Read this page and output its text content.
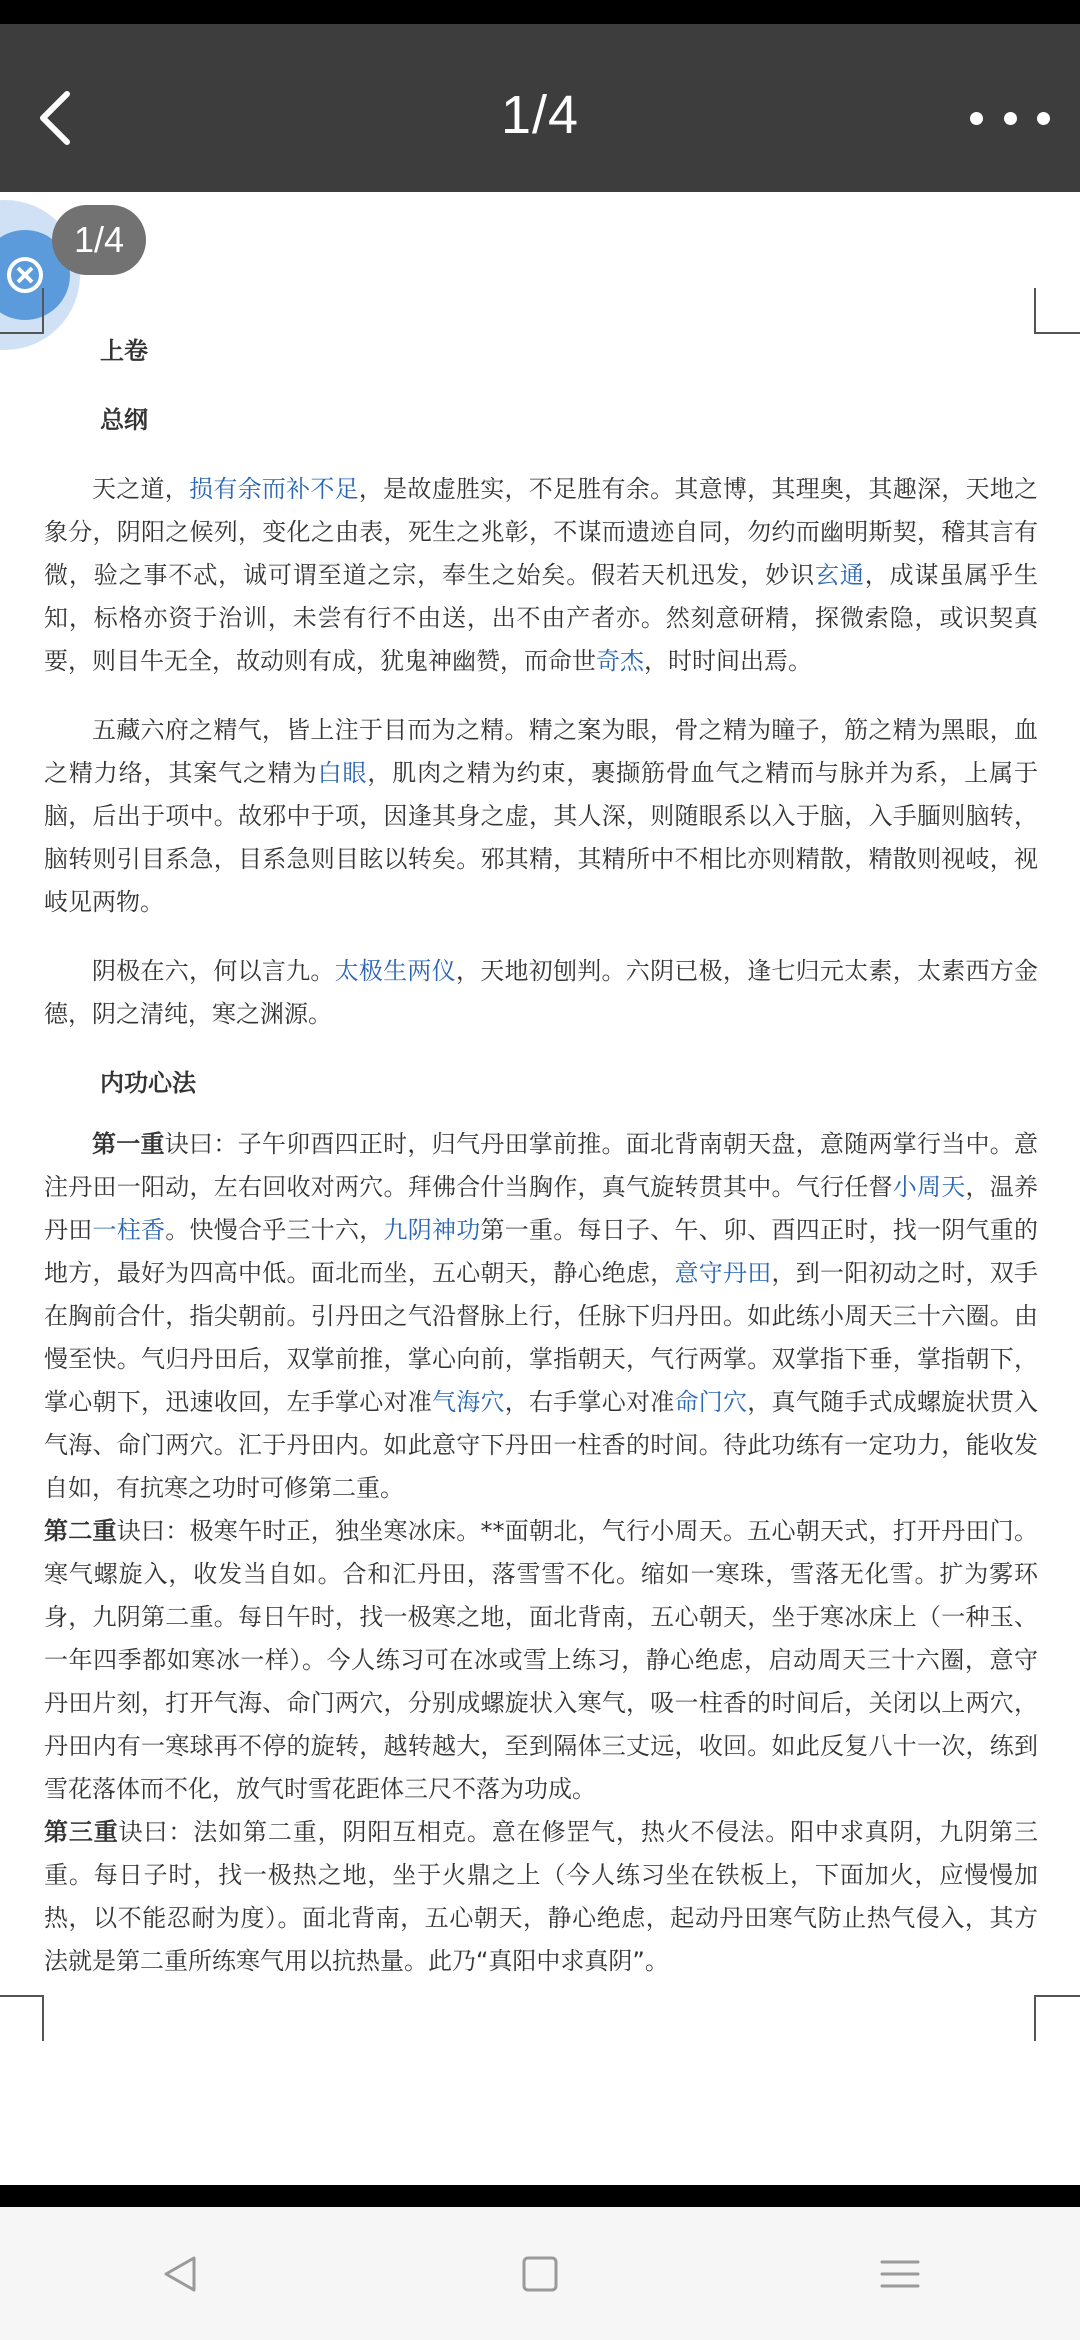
1/4
1/4
上卷
总纲

天之道，损有余而补不足，是故虚胜实，不足胜有余。其意博，其理奥，其趣深，天地之象分，阴阳之候列，变化之由表，死生之兆彰，不谋而遗迹自同，勿约而幽明斯契，稽其言有微，验之事不忒，诚可谓至道之宗，奉生之始矣。假若天机迅发，妙识玄通，成谋虽属乎生知，标格亦资于治训，未尝有行不由送，出不由产者亦。然刻意研精，探微索隐，或识契真要，则目牛无全，故动则有成，犹鬼神幽赞，而命世奇杰，时时间出焉。

五藏六府之精气，皆上注于目而为之精。精之案为眼，骨之精为瞳子，筋之精为黑眼，血之精力络，其案气之精为白眼，肌肉之精为约束，裹撷筋骨血气之精而与脉并为系，上属于脑，后出于项中。故邪中于项，因逢其身之虚，其人深，则随眼系以入于脑，入手腼则脑转，脑转则引目系急，目系急则目眩以转矣。邪其精，其精所中不相比亦则精散，精散则视岐，视岐见两物。

阴极在六，何以言九。太极生两仪，天地初刨判。六阴已极，逢七归元太素，太素西方金德，阴之清纯，寒之渊源。

内功心法

第一重诀曰：子午卯酉四正时，归气丹田掌前推。面北背南朝天盘，意随两掌行当中。意注丹田一阳动，左右回收对两穴。拜佛合什当胸作，真气旋转贯其中。气行任督小周天，温养丹田一柱香。快慢合乎三十六，九阴神功第一重。每日子、午、卯、酉四正时，找一阴气重的地方，最好为四高中低。面北而坐，五心朝天，静心绝虑，意守丹田，到一阳初动之时，双手在胸前合什，指尖朝前。引丹田之气沿督脉上行，任脉下归丹田。如此练小周天三十六圈。由慢至快。气归丹田后，双掌前推，掌心向前，掌指朝天，气行两掌。双掌指下垂，掌指朝下，掌心朝下，迅速收回，左手掌心对准气海穴，右手掌心对准命门穴，真气随手式成螺旋状贯入气海、命门两穴。汇于丹田内。如此意守下丹田一柱香的时间。待此功练有一定功力，能收发自如，有抗寒之功时可修第二重。

第二重诀曰：极寒午时正，独坐寒冰床。**面朝北，气行小周天。五心朝天式，打开丹田门。寒气螺旋入，收发当自如。合和汇丹田，落雪雪不化。缩如一寒珠，雪落无化雪。扩为雾环身，九阴第二重。每日午时，找一极寒之地，面北背南，五心朝天，坐于寒冰床上（一种玉、一年四季都如寒冰一样）。今人练习可在冰或雪上练习，静心绝虑，启动周天三十六圈，意守丹田片刻，打开气海、命门两穴，分别成螺旋状入寒气，吸一柱香的时间后，关闭以上两穴，丹田内有一寒球再不停的旋转，越转越大，至到隔体三丈远，收回。如此反复八十一次，练到雪花落体而不化，放气时雪花距体三尺不落为功成。

第三重诀曰：法如第二重，阴阳互相克。意在修罡气，热火不侵法。阳中求真阴，九阴第三重。每日子时，找一极热之地，坐于火鼎之上（今人练习坐在铁板上，下面加火，应慢慢加热，以不能忍耐为度）。面北背南，五心朝天，静心绝虑，起动丹田寒气防止热气侵入，其方法就是第二重所练寒气用以抗热量。此乃“真阳中求真阴”。
